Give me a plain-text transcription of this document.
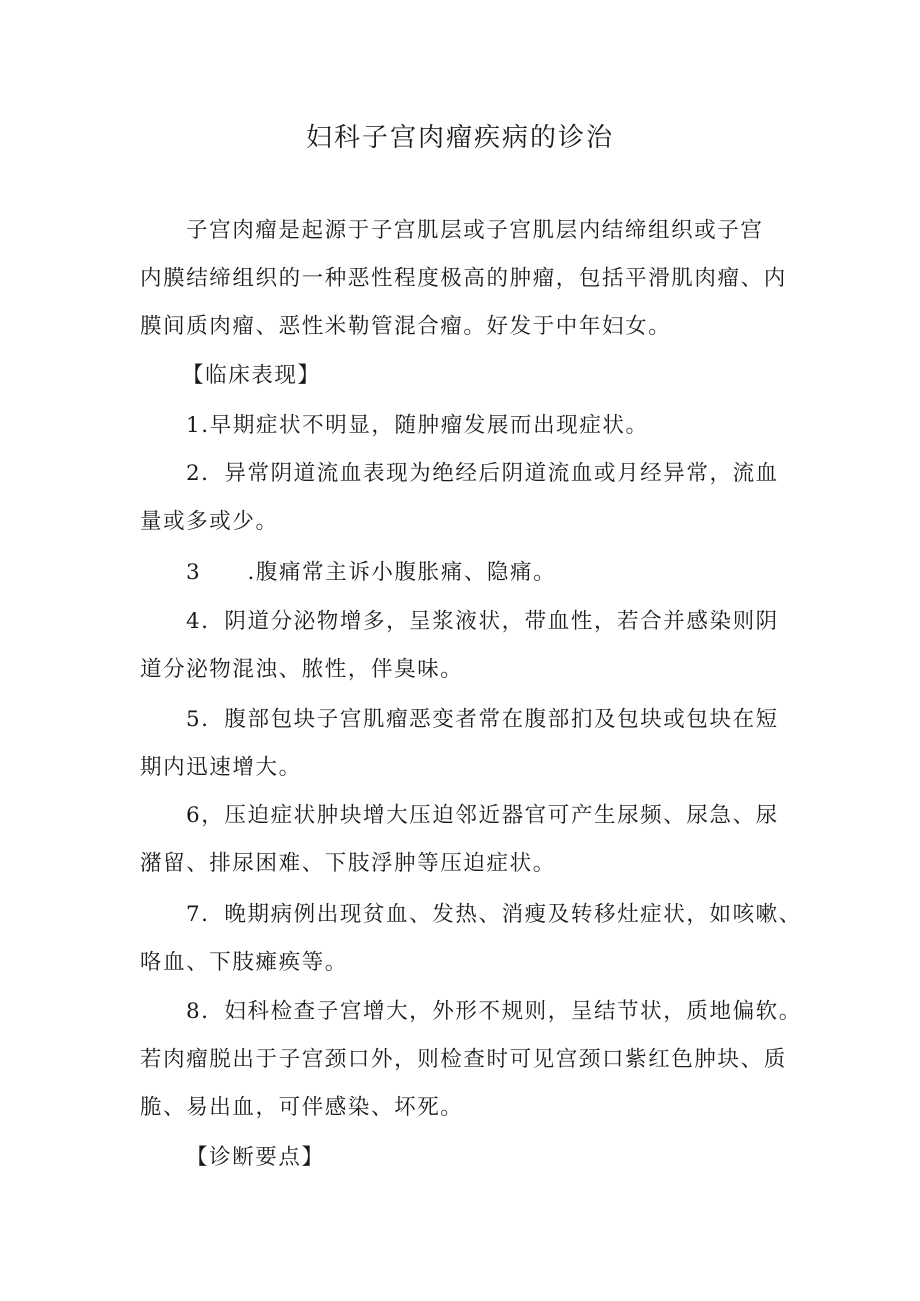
妇科子宫肉瘤疾病的诊治

子宫肉瘤是起源于子宫肌层或子宫肌层内结缔组织或子宫

内膜结缔组织的一种恶性程度极高的肿瘤，包括平滑肌肉瘤、内

膜间质肉瘤、恶性米勒管混合瘤。好发于中年妇女。

【临床表现】

1.早期症状不明显，随肿瘤发展而出现症状。

2．异常阴道流血表现为绝经后阴道流血或月经异常，流血

量或多或少。

3　　.腹痛常主诉小腹胀痛、隐痛。

4．阴道分泌物增多，呈浆液状，带血性，若合并感染则阴

道分泌物混浊、脓性，伴臭味。

5．腹部包块子宫肌瘤恶变者常在腹部扪及包块或包块在短

期内迅速增大。

6，压迫症状肿块增大压迫邻近器官可产生尿频、尿急、尿

潴留、排尿困难、下肢浮肿等压迫症状。

7．晚期病例出现贫血、发热、消瘦及转移灶症状，如咳嗽、

咯血、下肢瘫痪等。

8．妇科检查子宫增大，外形不规则，呈结节状，质地偏软。

若肉瘤脱出于子宫颈口外，则检查时可见宫颈口紫红色肿块、质

脆、易出血，可伴感染、坏死。

【诊断要点】
